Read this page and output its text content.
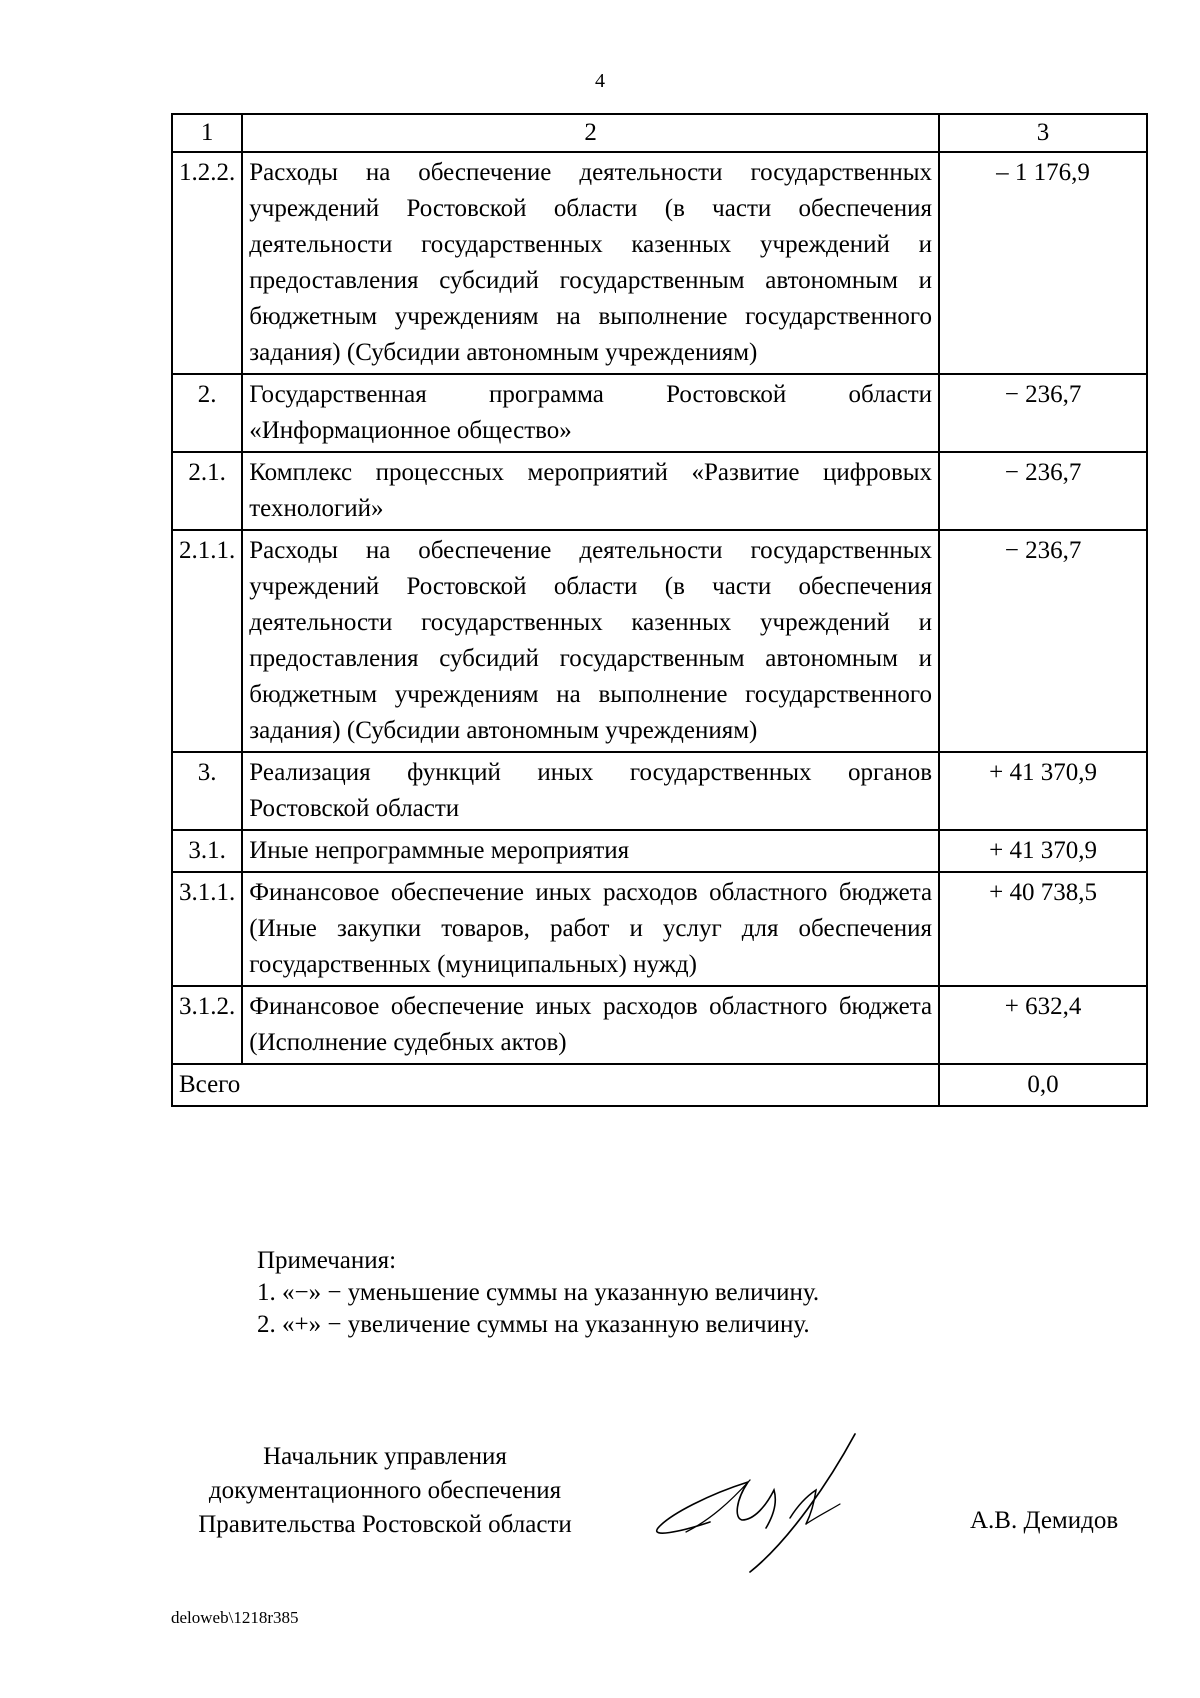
4
1	2	3
1.2.2.	Расходы на обеспечение деятельности государственных учреждений Ростовской области (в части обеспечения деятельности государственных казенных учреждений и предоставления субсидий государственным автономным и бюджетным учреждениям на выполнение государственного задания) (Субсидии автономным учреждениям)	– 1 176,9
2.	Государственная программа Ростовской области «Информационное общество»	− 236,7
2.1.	Комплекс процессных мероприятий «Развитие цифровых технологий»	− 236,7
2.1.1.	Расходы на обеспечение деятельности государственных учреждений Ростовской области (в части обеспечения деятельности государственных казенных учреждений и предоставления субсидий государственным автономным и бюджетным учреждениям на выполнение государственного задания) (Субсидии автономным учреждениям)	− 236,7
3.	Реализация функций иных государственных органов Ростовской области	+ 41 370,9
3.1.	Иные непрограммные мероприятия	+ 41 370,9
3.1.1.	Финансовое обеспечение иных расходов областного бюджета (Иные закупки товаров, работ и услуг для обеспечения государственных (муниципальных) нужд)	+ 40 738,5
3.1.2.	Финансовое обеспечение иных расходов областного бюджета (Исполнение судебных актов)	+ 632,4
Всего		0,0
Примечания:
1. «−» − уменьшение суммы на указанную величину.
2. «+» − увеличение суммы на указанную величину.
Начальник управления
документационного обеспечения
Правительства Ростовской области	А.В. Демидов
deloweb\1218r385
